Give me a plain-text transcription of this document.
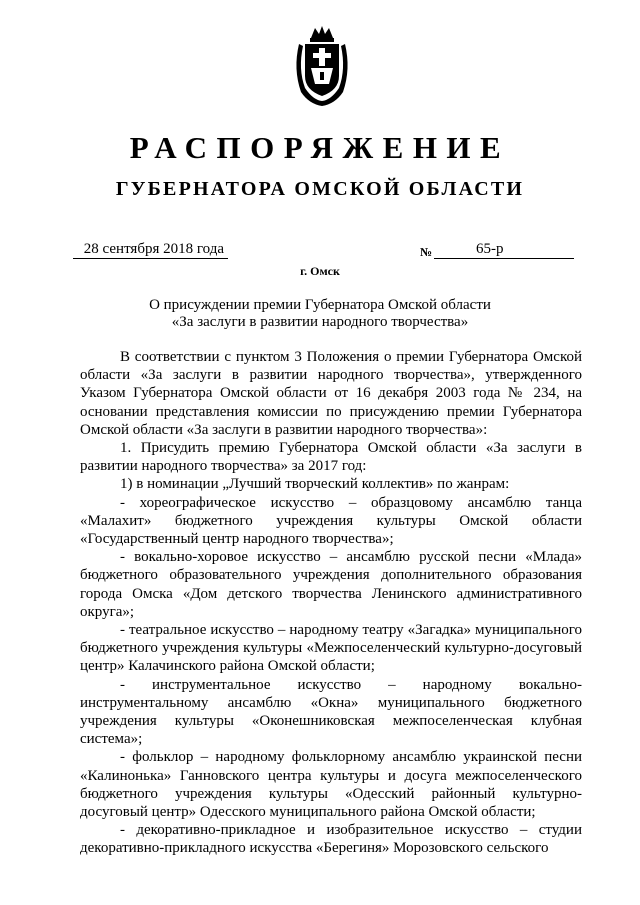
РАСПОРЯЖЕНИЕ
ГУБЕРНАТОРА ОМСКОЙ ОБЛАСТИ
28 сентября 2018 года	№	65-р
г. Омск
О присуждении премии Губернатора Омской области
«За заслуги в развитии народного творчества»

В соответствии с пунктом 3 Положения о премии Губернатора Омской области «За заслуги в развитии народного творчества», утвержденного Указом Губернатора Омской области от 16 декабря 2003 года № 234, на основании представления комиссии по присуждению премии Губернатора Омской области «За заслуги в развитии народного творчества»:

1. Присудить премию Губернатора Омской области «За заслуги в развитии народного творчества» за 2017 год:

1) в номинации „Лучший творческий коллектив» по жанрам:

- хореографическое искусство – образцовому ансамблю танца «Малахит» бюджетного учреждения культуры Омской области «Государственный центр народного творчества»;

- вокально-хоровое искусство – ансамблю русской песни «Млада» бюджетного образовательного учреждения дополнительного образования города Омска «Дом детского творчества Ленинского административного округа»;

- театральное искусство – народному театру «Загадка» муниципального бюджетного учреждения культуры «Межпоселенческий культурно-досуговый центр» Калачинского района Омской области;

- инструментальное искусство – народному вокально-инструментальному ансамблю «Окна» муниципального бюджетного учреждения культуры «Оконешниковская межпоселенческая клубная система»;

- фольклор – народному фольклорному ансамблю украинской песни «Калинонька» Ганновского центра культуры и досуга межпоселенческого бюджетного учреждения культуры «Одесский районный культурно-досуговый центр» Одесского муниципального района Омской области;

- декоративно-прикладное и изобразительное искусство – студии декоративно-прикладного искусства «Берегиня» Морозовского сельского
